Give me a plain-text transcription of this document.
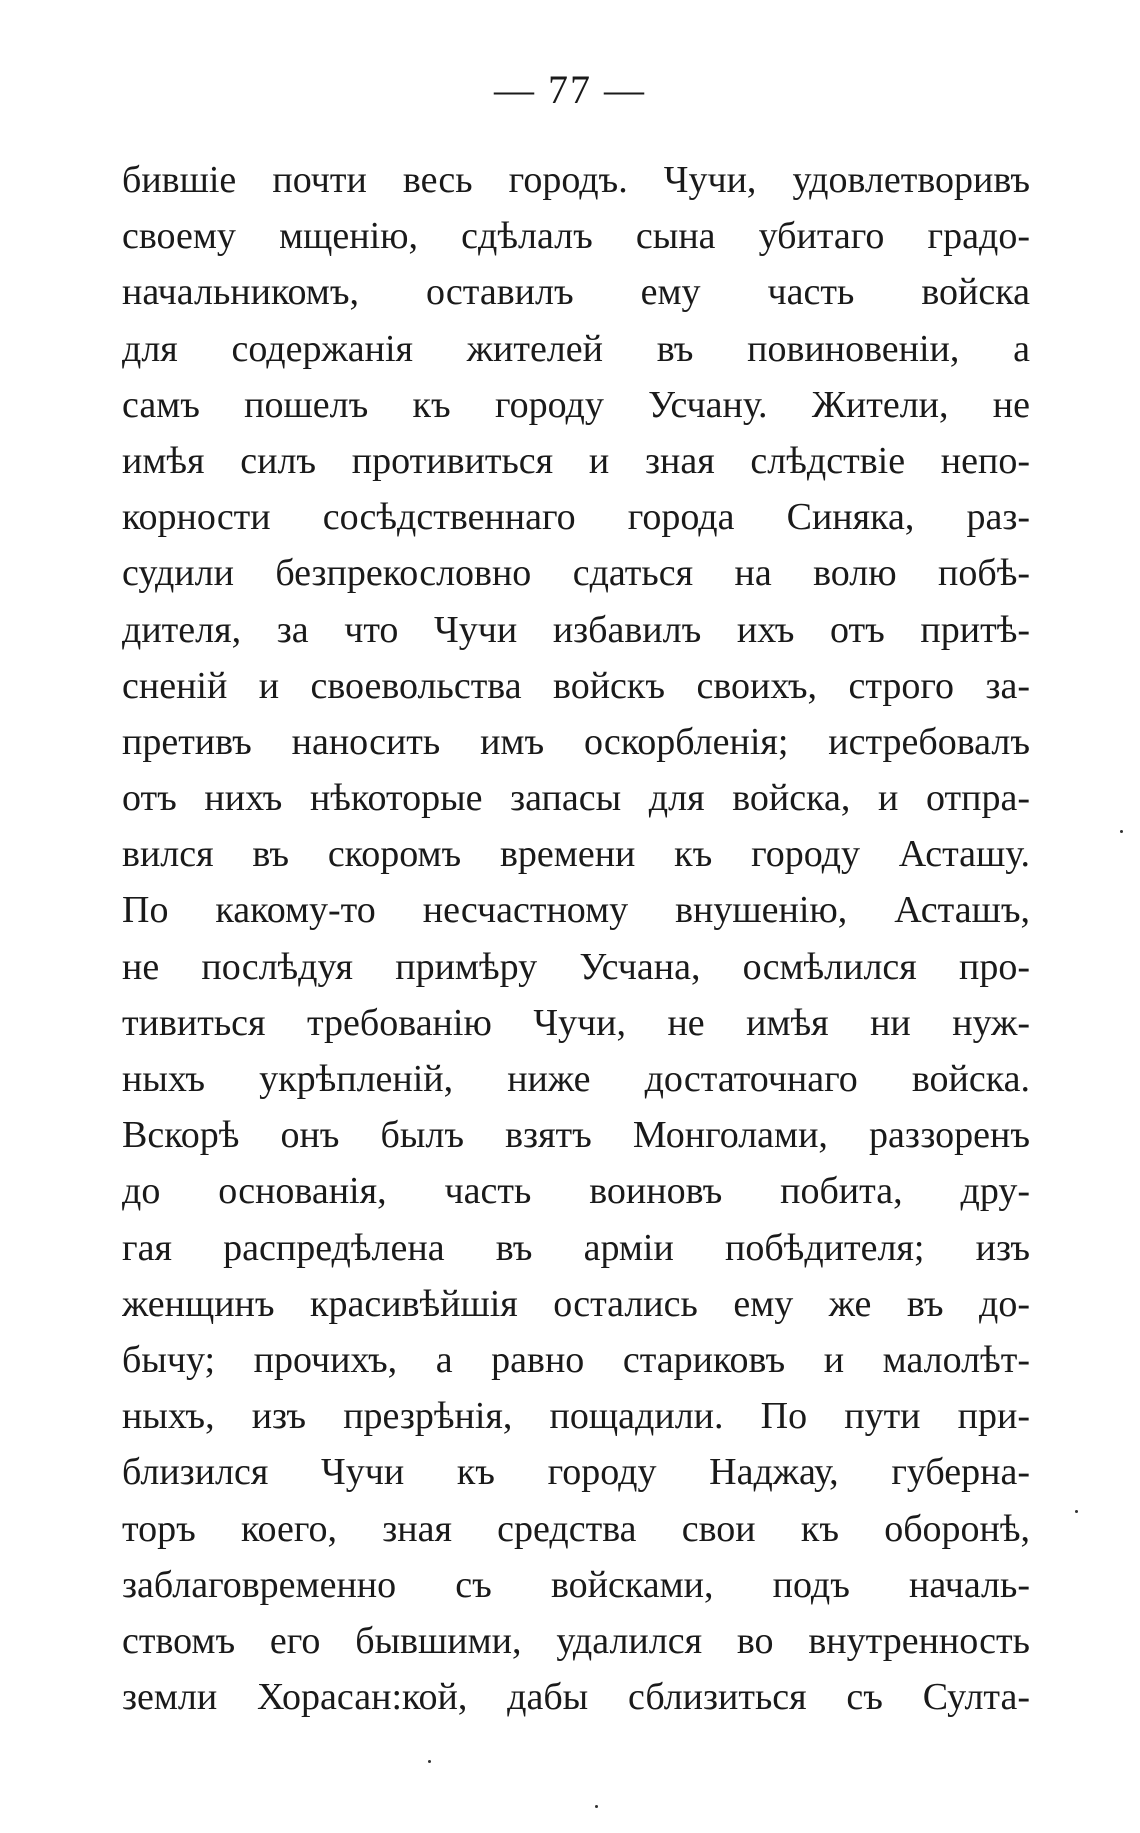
— 77 —
бившіе почти весь городъ. Чучи, удовлетворивъ
своему мщенію, сдѣлалъ сына убитаго градо-
начальникомъ, оставилъ ему часть войска
для содержанія жителей въ повиновеніи, а
самъ пошелъ къ городу Усчану. Жители, не
имѣя силъ противиться и зная слѣдствіе непо-
корности сосѣдственнаго города Синяка, раз-
судили безпрекословно сдаться на волю побѣ-
дителя, за что Чучи избавилъ ихъ отъ притѣ-
сненій и своевольства войскъ своихъ, строго за-
претивъ наносить имъ оскорбленія; истребовалъ
отъ нихъ нѣкоторые запасы для войска, и отпра-
вился въ скоромъ времени къ городу Асташу.
По какому-то несчастному внушенію, Асташъ,
не послѣдуя примѣру Усчана, осмѣлился про-
тивиться требованію Чучи, не имѣя ни нуж-
ныхъ укрѣпленій, ниже достаточнаго войска.
Вскорѣ онъ былъ взятъ Монголами, раззоренъ
до основанія, часть воиновъ побита, дру-
гая распредѣлена въ арміи побѣдителя; изъ
женщинъ красивѣйшія остались ему же въ до-
бычу; прочихъ, а равно стариковъ и малолѣт-
ныхъ, изъ презрѣнія, пощадили. По пути при-
близился Чучи къ городу Наджау, губерна-
торъ коего, зная средства свои къ оборонѣ,
заблаговременно съ войсками, подъ началь-
ствомъ его бывшими, удалился во внутренность
земли Хорасан:кой, дабы сблизиться съ Султа-
